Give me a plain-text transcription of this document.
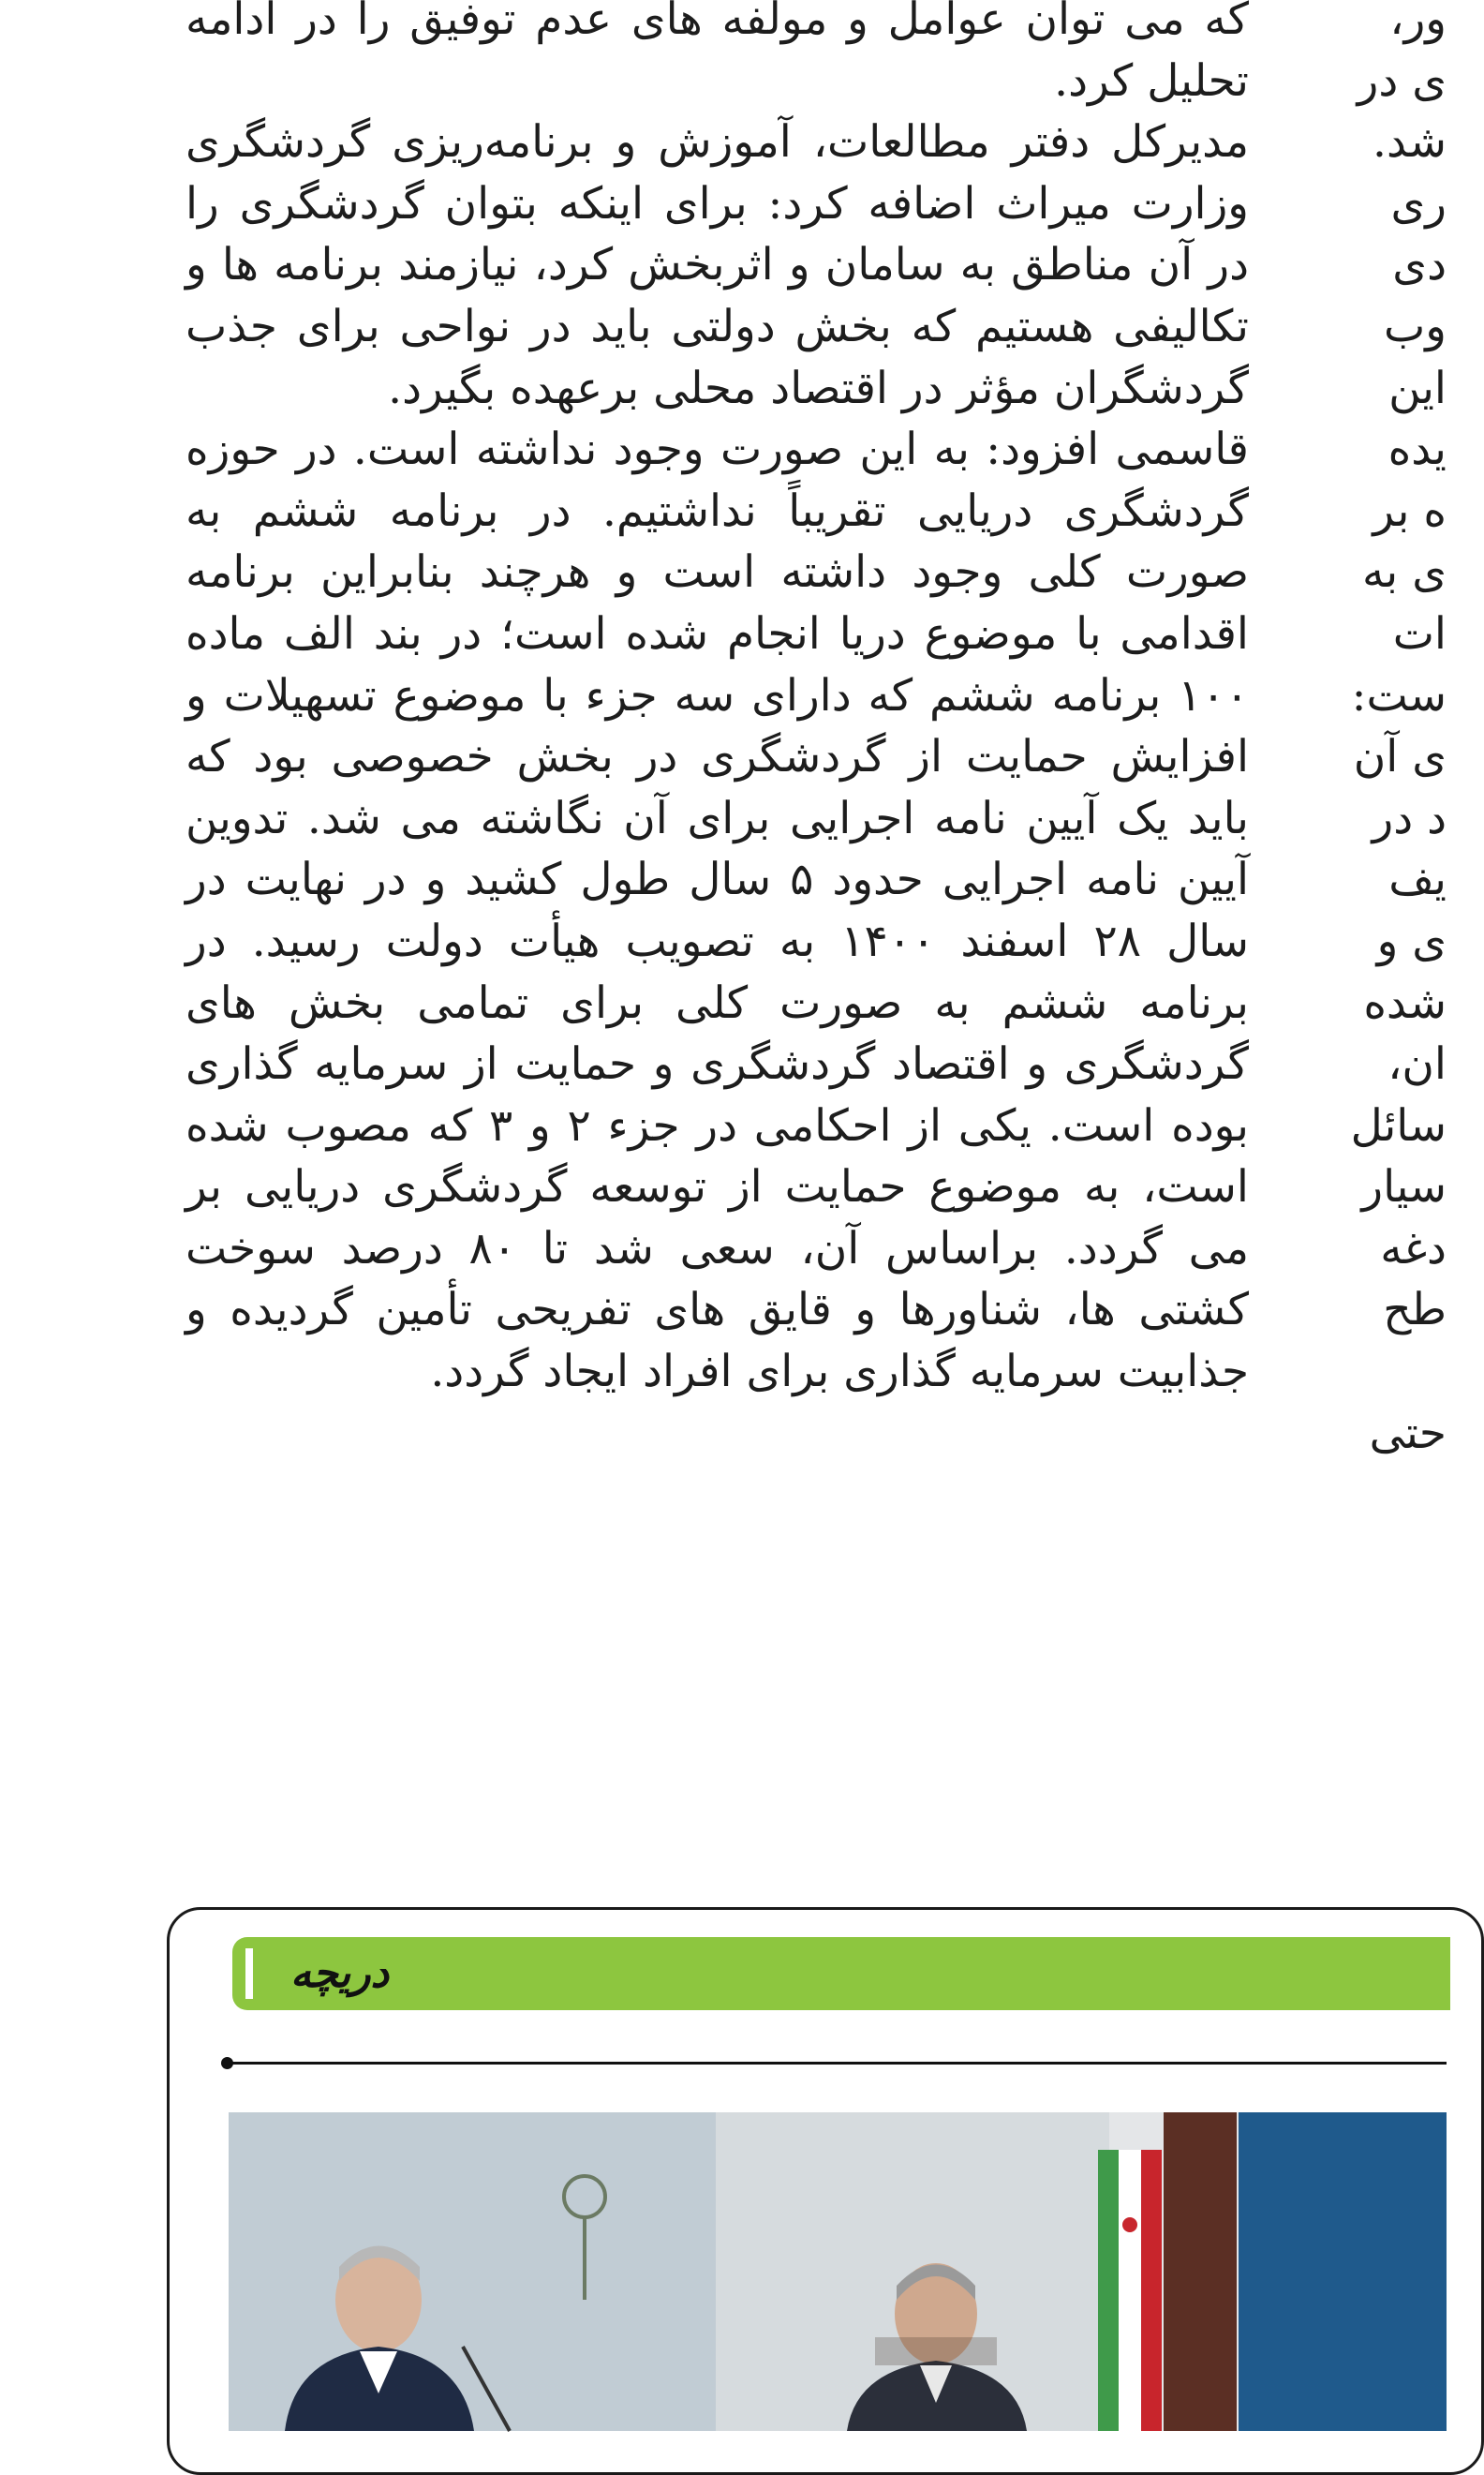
که می توان عوامل و مولفه های عدم توفیق را در ادامه تحلیل کرد.

مدیرکل دفتر مطالعات، آموزش و برنامه‌ریزی گردشگری وزارت میراث اضافه کرد: برای اینکه بتوان گردشگری را در آن مناطق به سامان و اثربخش کرد، نیازمند برنامه ها و تکالیفی هستیم که بخش دولتی باید در نواحی برای جذب گردشگران مؤثر در اقتصاد محلی برعهده بگیرد.

قاسمی افزود: به این صورت وجود نداشته است. در حوزه گردشگری دریایی تقریباً نداشتیم. در برنامه ششم به صورت کلی وجود داشته است و هرچند بنابراین برنامه اقدامی با موضوع دریا انجام شده است؛ در بند الف ماده ۱۰۰ برنامه ششم که دارای سه جزء با موضوع تسهیلات و افزایش حمایت از گردشگری در بخش خصوصی بود که باید یک آیین نامه اجرایی برای آن نگاشته می شد. تدوین آیین نامه اجرایی حدود ۵ سال طول کشید و در نهایت در سال ۲۸ اسفند ۱۴۰۰ به تصویب هیأت دولت رسید. در برنامه ششم به صورت کلی برای تمامی بخش های گردشگری و اقتصاد گردشگری و حمایت از سرمایه گذاری بوده است. یکی از احکامی در جزء ۲ و ۳ که مصوب شده است، به موضوع حمایت از توسعه گردشگری دریایی بر می گردد. براساس آن، سعی شد تا ۸۰ درصد سوخت کشتی ها، شناورها و قایق های تفریحی تأمین گردیده و جذابیت سرمایه گذاری برای افراد ایجاد گردد.

ور،
ی در
شد.
ری
دی
وب
این
یده
ه بر
ی به
ات
ست:
ی آن
د در
یف
ی و
شده
ان،
سائل
سیار
دغه
طح
حتی
دریچه
